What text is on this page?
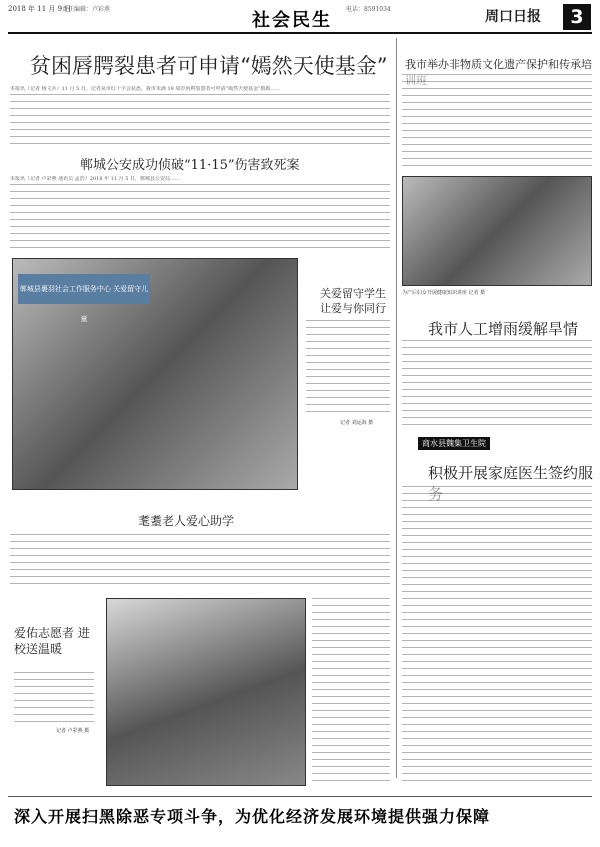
2018 年 11 月 9 日
责任编辑：卢彩燕
社会民生
电话：8591034	周口日报	3
贫困唇腭裂患者可申请“嫣然天使基金”
本报讯（记者 杨文兵）11 月 5 日，记者从市红十字会获悉，我市未满 18 周岁唇腭裂患者可申请“嫣然天使基金”救助……
郸城公安成功侦破“11·15”伤害致死案
本报讯（记者 卢彩燕 通讯员 孟浩）2018 年 11 月 5 日，郸城县公安局……
郸城县裹羽社会工作服务中心 关爱留守儿童
关爱留守学生 让爱与你同行
记者 刘运海 摄
耄耋老人爱心助学
爱佑志愿者 进校送温暖
记者 卢彩燕 摄
我市举办非物质文化遗产保护和传承培
为产后妇女开展健康知识讲座 记者 摄
我市人工增雨缓解旱情
商水县魏集卫生院
积极开展家庭医生签约服
深入开展扫黑除恶专项斗争，为优化经济发展环境提供强力保障
